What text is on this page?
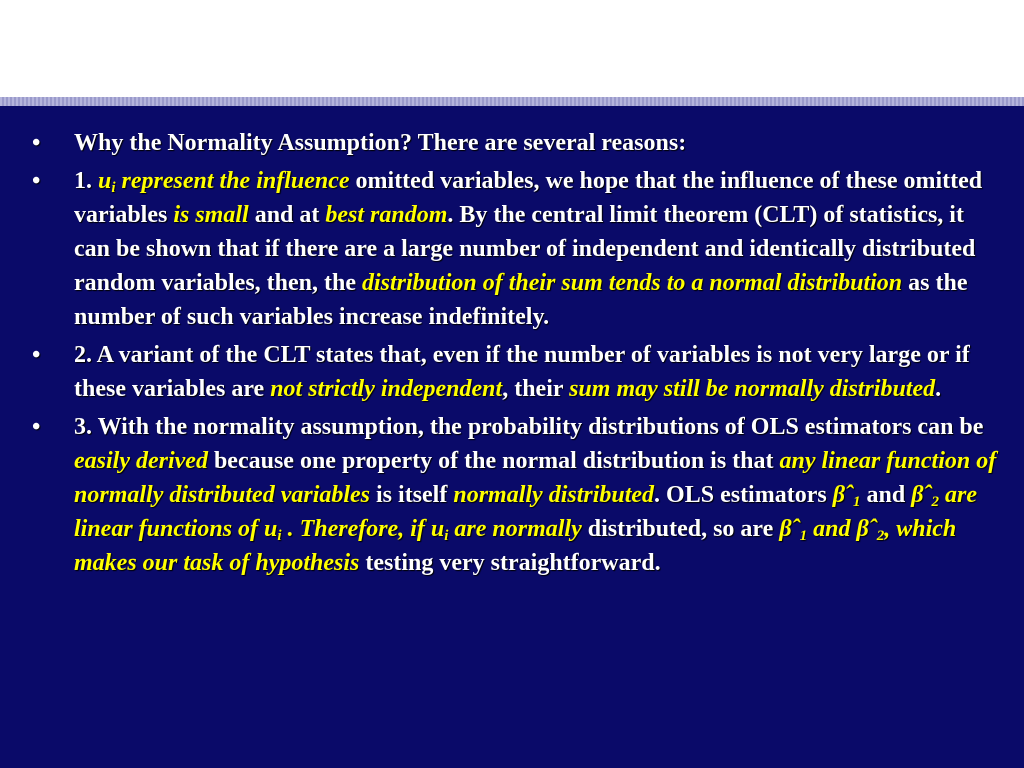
• Why the Normality Assumption? There are several reasons:
• 1. $u_i$ represent the influence omitted variables, we hope that the influence of these omitted variables is small and at best random. By the central limit theorem (CLT) of statistics, it can be shown that if there are a large number of independent and identically distributed random variables, then, the distribution of their sum tends to a normal distribution as the number of such variables increase indefinitely.
• 2. A variant of the CLT states that, even if the number of variables is not very large or if these variables are not strictly independent, their sum may still be normally distributed.
• 3. With the normality assumption, the probability distributions of OLS estimators can be easily derived because one property of the normal distribution is that any linear function of normally distributed variables is itself normally distributed. OLS estimators βˆ$_1$ and βˆ$_2$ are linear functions of $u_i$ . Therefore, if $u_i$ are normally distributed, so are βˆ$_1$ and βˆ$_2$, which makes our task of hypothesis testing very straightforward.
